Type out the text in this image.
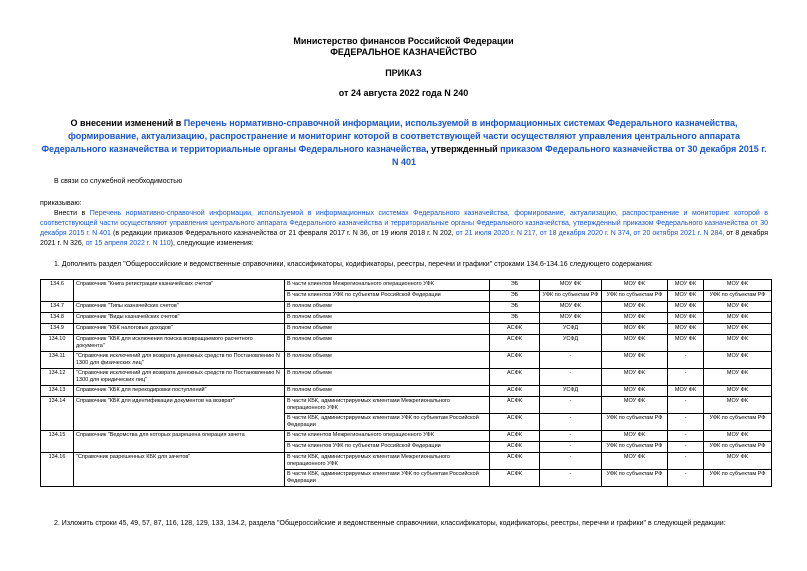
Министерство финансов Российской Федерации
ФЕДЕРАЛЬНОЕ КАЗНАЧЕЙСТВО
ПРИКАЗ
от 24 августа 2022 года N 240
О внесении изменений в Перечень нормативно-справочной информации, используемой в информационных системах Федерального казначейства, формирование, актуализацию, распространение и мониторинг которой в соответствующей части осуществляют управления центрального аппарата Федерального казначейства и территориальные органы Федерального казначейства, утвержденный приказом Федерального казначейства от 30 декабря 2015 г. N 401
В связи со служебной необходимостью
приказываю:
Внести в Перечень нормативно-справочной информации, используемой в информационных системах Федерального казначейства, формирование, актуализацию, распространение и мониторинг которой в соответствующей части осуществляют управления центрального аппарата Федерального казначейства и территориальные органы Федерального казначейства, утвержденный приказом Федерального казначейства от 30 декабря 2015 г. N 401 (в редакции приказов Федерального казначейства от 21 февраля 2017 г. N 36, от 19 июля 2018 г. N 202, от 21 июля 2020 г. N 217, от 18 декабря 2020 г. N 374, от 20 октября 2021 г. N 284, от 8 декабря 2021 г. N 326, от 15 апреля 2022 г. N 110), следующие изменения:
1. Дополнить раздел "Общероссийские и ведомственные справочники, классификаторы, кодификаторы, реестры, перечни и графики" строками 134.6-134.16 следующего содержания:
134.6	Справочник "Книга регистрации казначейских счетов"	В части клиентов Межрегионального операционного УФК	ЭБ	МОУ ФК	МОУ ФК	МОУ ФК	МОУ ФК
		В части клиентов УФК по субъектам Российской Федерации	ЭБ	УФК по субъектам РФ	УФК по субъектам РФ	МОУ ФК	УФК по субъектам РФ
134.7	Справочник "Типы казначейских счетов"	В полном объеме	ЭБ	МОУ ФК	МОУ ФК	МОУ ФК	МОУ ФК
134.8	Справочник "Виды казначейских счетов"	В полном объеме	ЭБ	МОУ ФК	МОУ ФК	МОУ ФК	МОУ ФК
134.9	Справочник "КБК налоговых доходов"	В полном объеме	АСФК	УСФД	МОУ ФК	МОУ ФК	МОУ ФК
134.10	Справочник "КБК для исключения поиска возвращаемого расчетного документа"	В полном объеме	АСФК	УСФД	МОУ ФК	МОУ ФК	МОУ ФК
134.11	"Справочник исключений для возврата денежных средств по Постановлению N 1300 для физических лиц"	В полном объеме	АСФК	-	МОУ ФК	-	МОУ ФК
134.12	"Справочник исключений для возврата денежных средств по Постановлению N 1300 для юридических лиц"	В полном объеме	АСФК	-	МОУ ФК	-	МОУ ФК
134.13	Справочник "КБК для перекодировки поступлений"	В полном объеме	АСФК	УСФД	МОУ ФК	МОУ ФК	МОУ ФК
134.14	Справочник "КБК для идентификации документов на возврат"	В части КБК, администрируемых клиентами Межрегионального операционного УФК	АСФК	-	МОУ ФК	-	МОУ ФК
		В части КБК, администрируемых клиентами УФК по субъектам Российской Федерации	АСФК	-	УФК по субъектам РФ	-	УФК по субъектам РФ
134.15	Справочник "Ведомства для которых разрешена операция зачета	В части клиентов Межрегионального операционного УФК	АСФК	-	МОУ ФК	-	МОУ ФК
		В части клиентов УФК по субъектам Российской Федерации	АСФК	-	УФК по субъектам РФ	-	УФК по субъектам РФ
134.16	"Справочник разрешенных КБК для зачетов"	В части КБК, администрируемых клиентами Межрегионального операционного УФК	АСФК	-	МОУ ФК	-	МОУ ФК
		В части КБК, администрируемых клиентами УФК по субъектам Российской Федерации	АСФК	-	УФК по субъектам РФ	-	УФК по субъектам РФ
2. Изложить строки 45, 49, 57, 87, 116, 128, 129, 133, 134.2, раздела "Общероссийские и ведомственные справочники, классификаторы, кодификаторы, реестры, перечни и графики" в следующей редакции:
